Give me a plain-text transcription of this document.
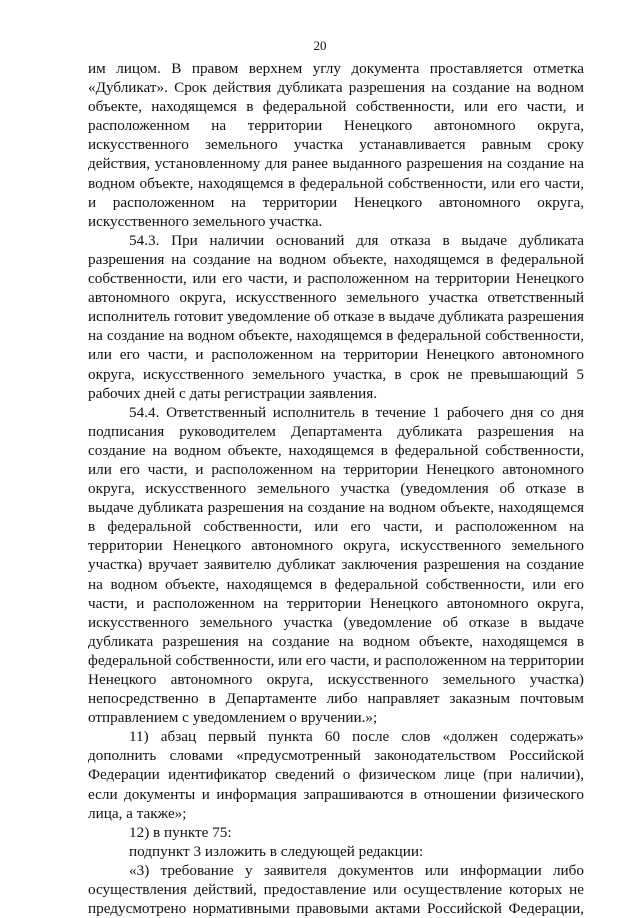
20

им лицом. В правом верхнем углу документа проставляется отметка «Дубликат». Срок действия дубликата разрешения на создание на водном объекте, находящемся в федеральной собственности, или его части, и расположенном на территории Ненецкого автономного округа, искусственного земельного участка устанавливается равным сроку действия, установленному для ранее выданного разрешения на создание на водном объекте, находящемся в федеральной собственности, или его части, и расположенном на территории Ненецкого автономного округа, искусственного земельного участка.

54.3. При наличии оснований для отказа в выдаче дубликата разрешения на создание на водном объекте, находящемся в федеральной собственности, или его части, и расположенном на территории Ненецкого автономного округа, искусственного земельного участка ответственный исполнитель готовит уведомление об отказе в выдаче дубликата разрешения на создание на водном объекте, находящемся в федеральной собственности, или его части, и расположенном на территории Ненецкого автономного округа, искусственного земельного участка, в срок не превышающий 5 рабочих дней с даты регистрации заявления.

54.4. Ответственный исполнитель в течение 1 рабочего дня со дня подписания руководителем Департамента дубликата разрешения на создание на водном объекте, находящемся в федеральной собственности, или его части, и расположенном на территории Ненецкого автономного округа, искусственного земельного участка (уведомления об отказе в выдаче дубликата разрешения на создание на водном объекте, находящемся в федеральной собственности, или его части, и расположенном на территории Ненецкого автономного округа, искусственного земельного участка) вручает заявителю дубликат заключения разрешения на создание на водном объекте, находящемся в федеральной собственности, или его части, и расположенном на территории Ненецкого автономного округа, искусственного земельного участка (уведомление об отказе в выдаче дубликата разрешения на создание на водном объекте, находящемся в федеральной собственности, или его части, и расположенном на территории Ненецкого автономного округа, искусственного земельного участка) непосредственно в Департаменте либо направляет заказным почтовым отправлением с уведомлением о вручении.»;

11) абзац первый пункта 60 после слов «должен содержать» дополнить словами «предусмотренный законодательством Российской Федерации идентификатор сведений о физическом лице (при наличии), если документы и информация запрашиваются в отношении физического лица, а также»;

12) в пункте 75:

подпункт 3 изложить в следующей редакции:

«3) требование у заявителя документов или информации либо осуществления действий, предоставление или осуществление которых не предусмотрено нормативными правовыми актами Российской Федерации,
